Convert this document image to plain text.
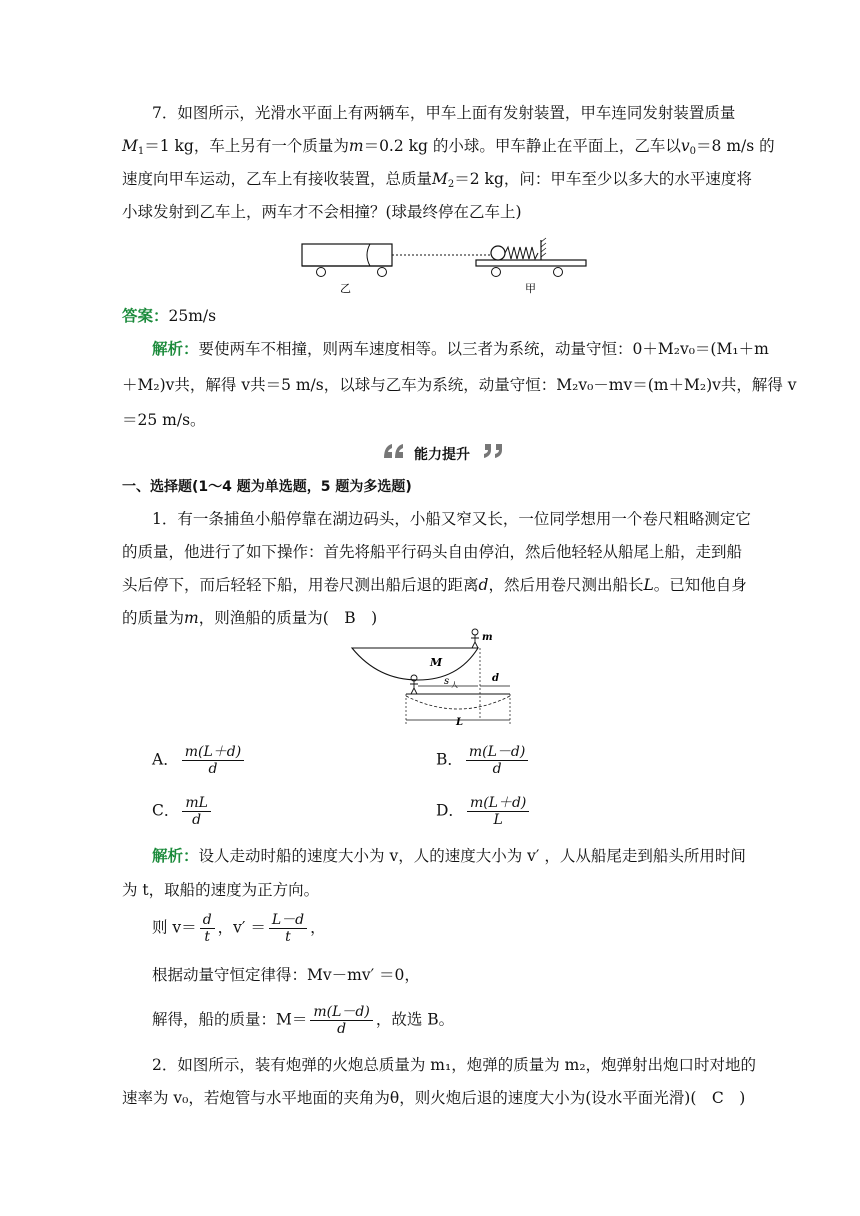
7．如图所示，光滑水平面上有两辆车，甲车上面有发射装置，甲车连同发射装置质量
$M_1=1$ kg，车上另有一个质量为m＝0.2 kg 的小球。甲车静止在平面上，乙车以$v_0=8$ m/s 的
速度向甲车运动，乙车上有接收装置，总质量$M_2=2$ kg，问：甲车至少以多大的水平速度将
小球发射到乙车上，两车才不会相撞？(球最终停在乙车上)
乙	甲
答案：25m/s
解析：要使两车不相撞，则两车速度相等。以三者为系统，动量守恒：0＋M₂v₀＝(M₁＋m
＋M₂)v共，解得 v共＝5 m/s，以球与乙车为系统，动量守恒：M₂v₀－mv＝(m＋M₂)v共，解得 v
＝25 m/s。
能力提升
一、选择题(1～4 题为单选题，5 题为多选题)
1．有一条捕鱼小船停靠在湖边码头，小船又窄又长，一位同学想用一个卷尺粗略测定它
的质量，他进行了如下操作：首先将船平行码头自由停泊，然后他轻轻从船尾上船，走到船
头后停下，而后轻轻下船，用卷尺测出船后退的距离d，然后用卷尺测出船长L。已知他自身
的质量为m，则渔船的质量为(　B　)
M
m
s 人
d
L
A． $\frac{m(L+d)}{d}$	B． $\frac{m(L-d)}{d}$
C． $\frac{mL}{d}$	D． $\frac{m(L+d)}{L}$
解析：设人走动时船的速度大小为 v，人的速度大小为 v′ ，人从船尾走到船头所用时间
为 t，取船的速度为正方向。
则 $v= \frac{d}{t}$ ，$v' = \frac{L-d}{t}$ ，
根据动量守恒定律得：Mv－mv′ ＝0，
解得，船的质量：$M= \frac{m(L-d)}{d}$ ，故选 B。
2．如图所示，装有炮弹的火炮总质量为 m₁，炮弹的质量为 m₂，炮弹射出炮口时对地的
速率为 v₀，若炮管与水平地面的夹角为θ，则火炮后退的速度大小为(设水平面光滑)(　C　)
